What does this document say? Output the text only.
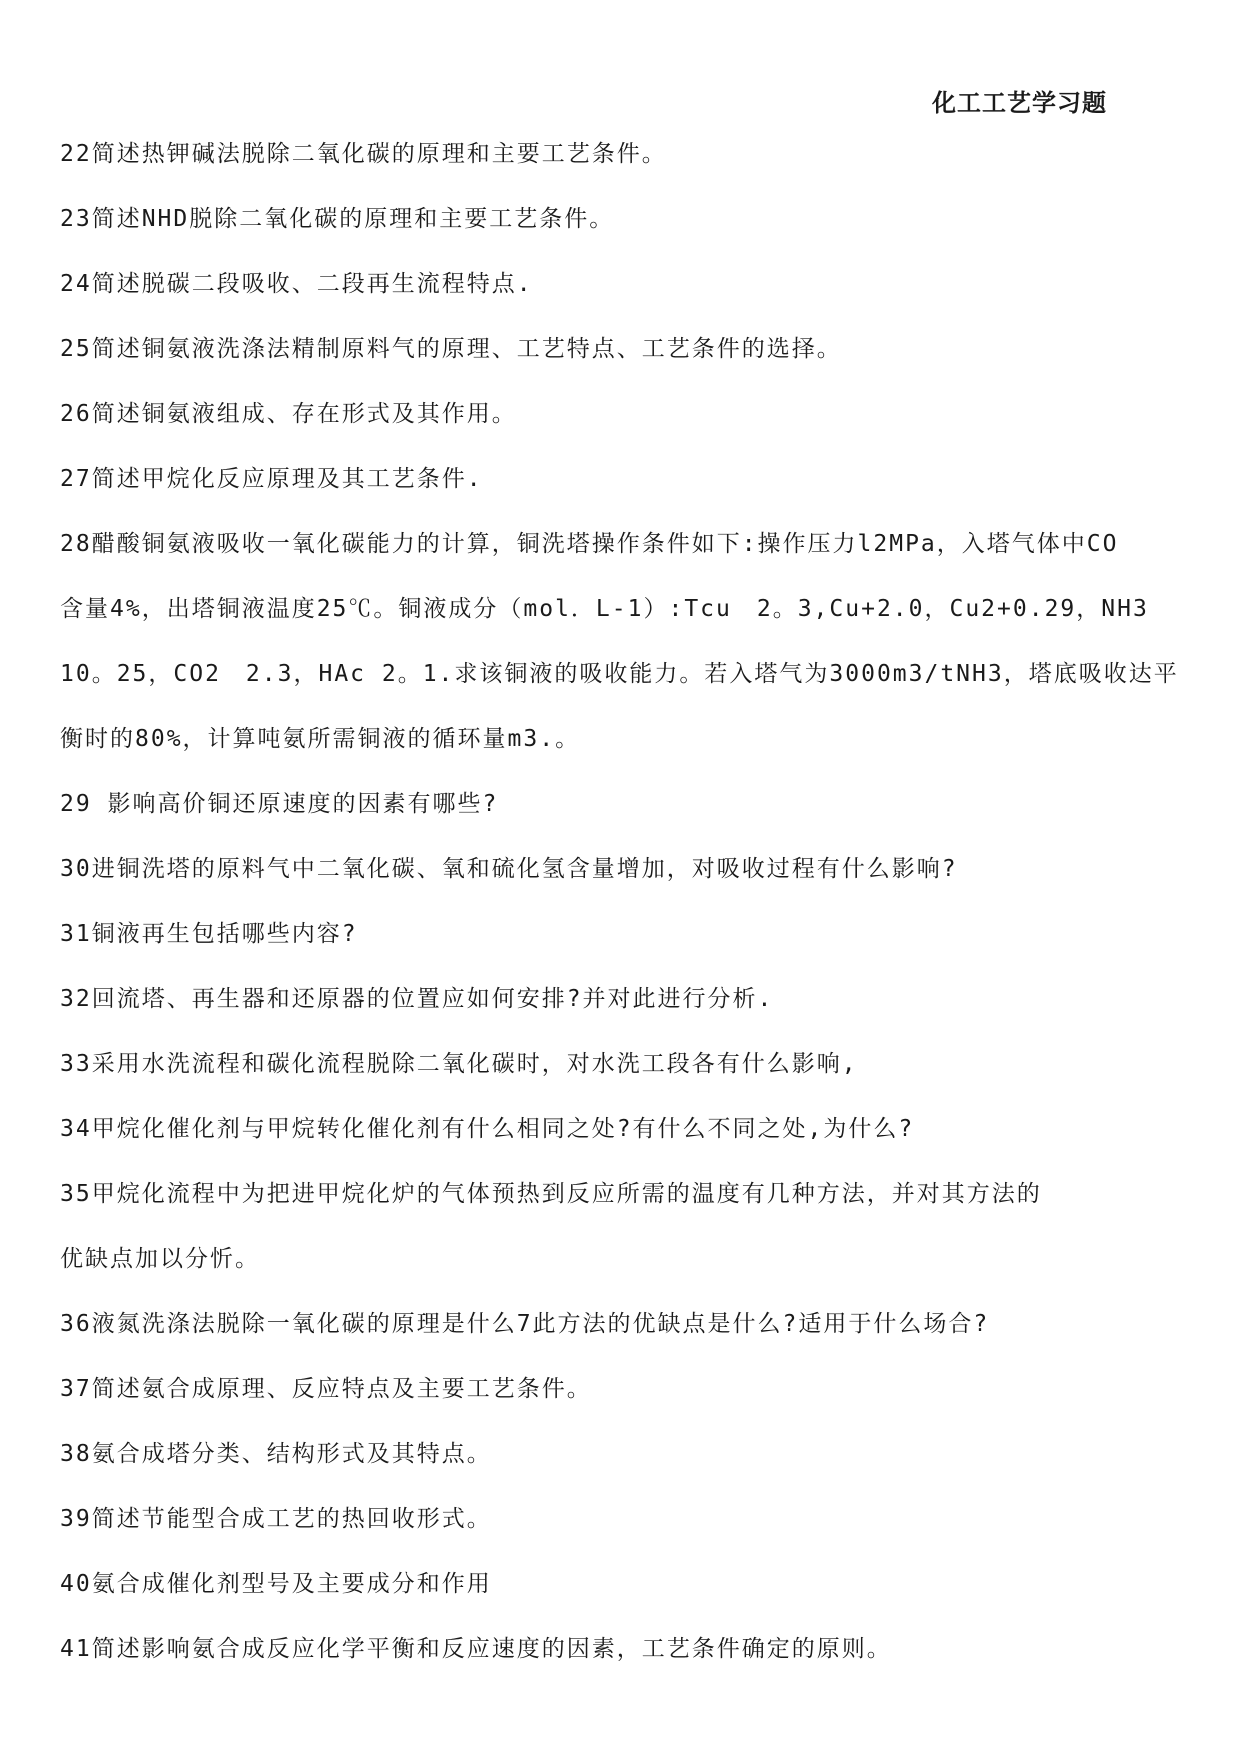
化工工艺学习题
22简述热钾碱法脱除二氧化碳的原理和主要工艺条件。
23简述NHD脱除二氧化碳的原理和主要工艺条件。
24简述脱碳二段吸收、二段再生流程特点.
25简述铜氨液洗涤法精制原料气的原理、工艺特点、工艺条件的选择。
26简述铜氨液组成、存在形式及其作用。
27简述甲烷化反应原理及其工艺条件.
28醋酸铜氨液吸收一氧化碳能力的计算，铜洗塔操作条件如下:操作压力l2MPa，入塔气体中CO
含量4%，出塔铜液温度25℃。铜液成分（mol．L-1）:Tcu　2。3,Cu+2.0，Cu2+0.29，NH3
10。25，CO2　2.3，HAc 2。1.求该铜液的吸收能力。若入塔气为3000m3/tNH3，塔底吸收达平
衡时的80%，计算吨氨所需铜液的循环量m3.。
29 影响高价铜还原速度的因素有哪些?
30进铜洗塔的原料气中二氧化碳、氧和硫化氢含量增加，对吸收过程有什么影响?
31铜液再生包括哪些内容?
32回流塔、再生器和还原器的位置应如何安排?并对此进行分析.
33采用水洗流程和碳化流程脱除二氧化碳时，对水洗工段各有什么影响,
34甲烷化催化剂与甲烷转化催化剂有什么相同之处?有什么不同之处,为什么?
35甲烷化流程中为把进甲烷化炉的气体预热到反应所需的温度有几种方法，并对其方法的
优缺点加以分忻。
36液氮洗涤法脱除一氧化碳的原理是什么7此方法的优缺点是什么?适用于什么场合?
37简述氨合成原理、反应特点及主要工艺条件。
38氨合成塔分类、结构形式及其特点。
39简述节能型合成工艺的热回收形式。
40氨合成催化剂型号及主要成分和作用
41简述影响氨合成反应化学平衡和反应速度的因素，工艺条件确定的原则。
